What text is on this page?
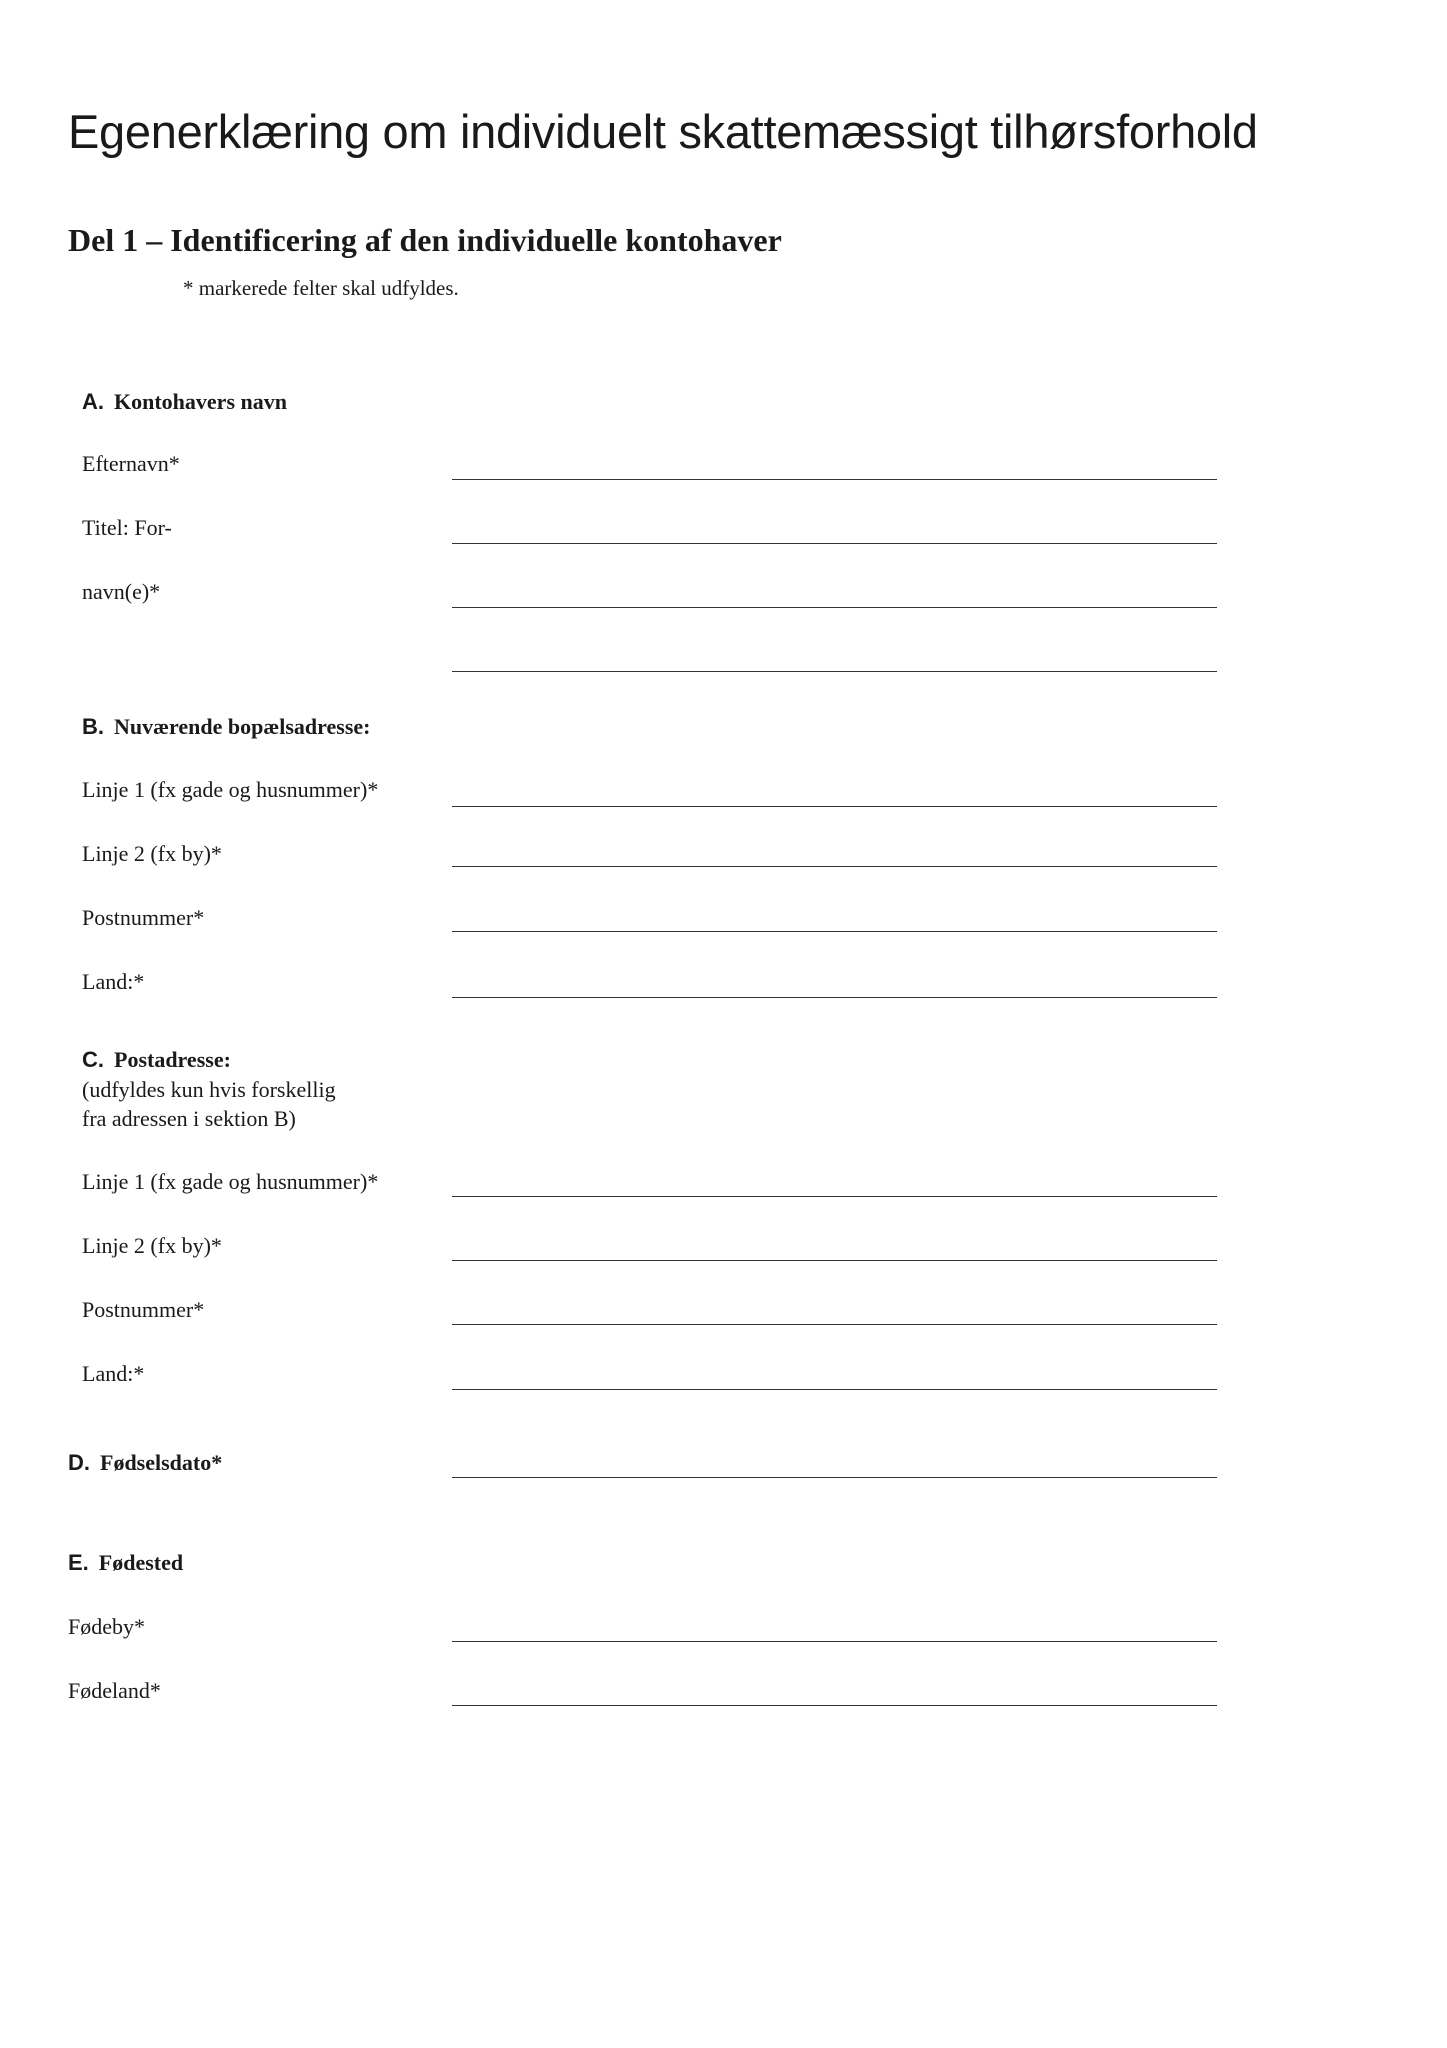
Egenerklæring om individuelt skattemæssigt tilhørsforhold
Del 1 – Identificering af den individuelle kontohaver
* markerede felter skal udfyldes.
A. Kontohavers navn
Efternavn*
Titel: For-
navn(e)*
B. Nuværende bopælsadresse:
Linje 1 (fx gade og husnummer)*
Linje 2 (fx by)*
Postnummer*
Land:*
C. Postadresse:
(udfyldes kun hvis forskellig
fra adressen i sektion B)
Linje 1 (fx gade og husnummer)*
Linje 2 (fx by)*
Postnummer*
Land:*
D. Fødselsdato*
E. Fødested
Fødeby*
Fødeland*
